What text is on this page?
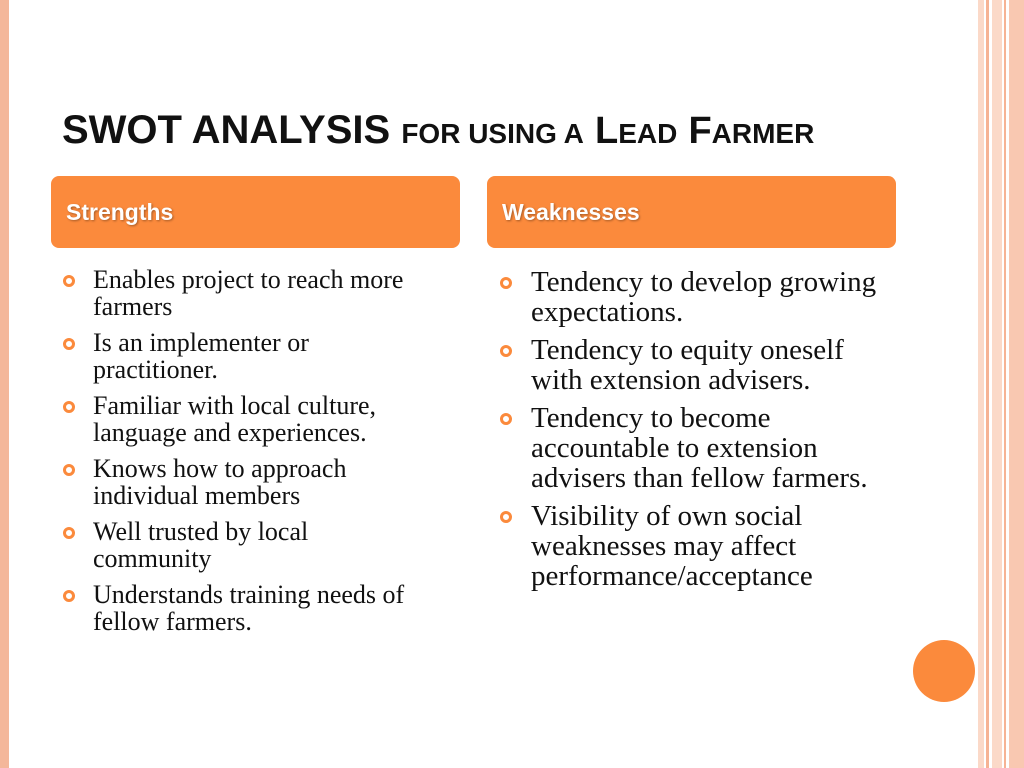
SWOT ANALYSIS FOR USING A LEAD FARMER
Strengths	Weaknesses
Enables project to reach more farmers
Is an implementer or practitioner.
Familiar with local culture, language and experiences.
Knows how to approach individual members
Well trusted by local community
Understands training needs of fellow farmers.
Tendency to develop growing expectations.
Tendency to equity oneself with extension advisers.
Tendency to become accountable to extension advisers than fellow farmers.
Visibility of own social weaknesses may affect performance/acceptance
